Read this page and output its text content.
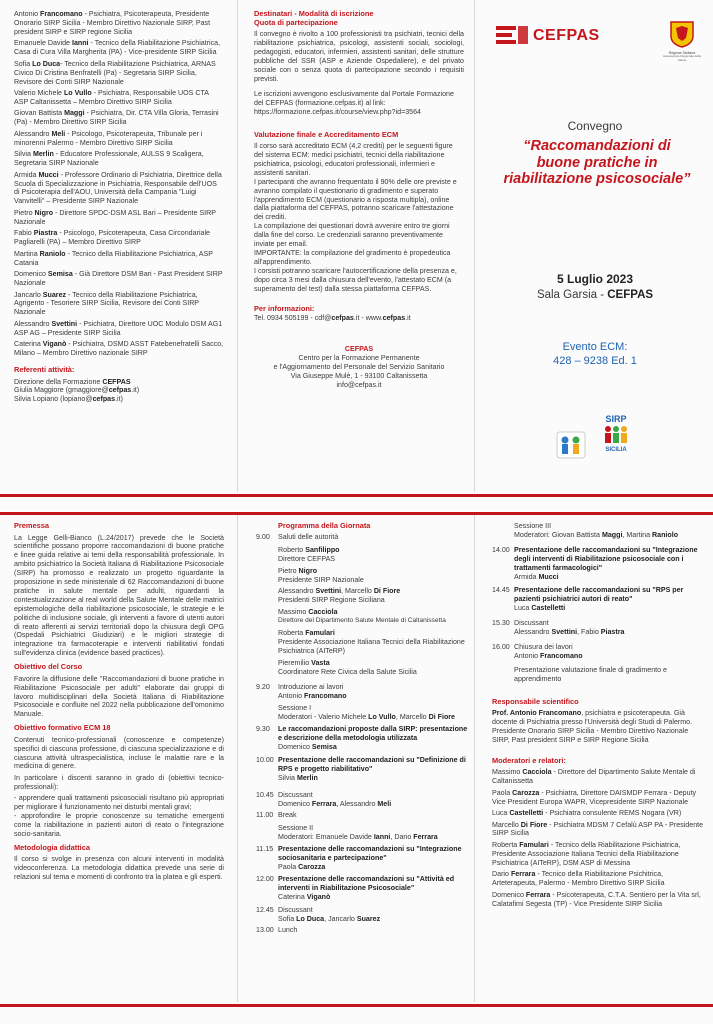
Antonio Francomano - Psichiatra, Psicoterapeuta, Presidente Onorario SIRP Sicilia - Membro Direttivo Nazionale SIRP, Past president SIRP e SIRP regione Sicilia

Emanuele Davide Ianni - Tecnico della Riabilitazione Psichiatrica, Casa di Cura Villa Margherita (PA) - Vice-presidente SIRP Sicilia

Sofia Lo Duca- Tecnico della Riabilitazione Psichiatrica, ARNAS Civico Di Cristina Benfratelli (Pa) - Segretaria SIRP Sicilia, Revisore dei Conti SIRP Nazionale

Valerio Michele Lo Vullo - Psichiatra, Responsabile UOS CTA ASP Caltanissetta – Membro Direttivo SIRP Sicilia

Giovan Battista Maggi - Psichiatra, Dir. CTA Villa Gloria, Terrasini (Pa) - Membro Direttivo SIRP Sicilia

Alessandro Meli - Psicologo, Psicoterapeuta, Tribunale per i minorenni Palermo - Membro Direttivo SIRP Sicilia

Silvia Merlin - Educatore Professionale, AULSS 9 Scaligera, Segretaria SIRP Nazionale

Armida Mucci - Professore Ordinario di Psichiatria, Direttrice della Scuola di Specializzazione in Psichiatria, Responsabile dell'UOS di Psicoterapia dell'AOU, Università della Campania "Luigi Vanvitelli" – Presidente SIRP Nazionale

Pietro Nigro - Direttore SPDC-DSM ASL Bari – Presidente SIRP Nazionale

Fabio Piastra - Psicologo, Psicoterapeuta, Casa Circondariale Pagliarelli (PA) – Membro Direttivo SIRP

Martina Raniolo - Tecnico della Riabilitazione Psichiatrica, ASP Catania

Domenico Semisa - Già Direttore DSM Bari - Past President SIRP Nazionale

Jancarlo Suarez - Tecnico della Riabilitazione Psichiatrica, Agrigento - Tesoriere SIRP Sicilia, Revisore dei Conti SIRP Nazionale

Alessandro Svettini - Psichiatra, Direttore UOC Modulo DSM AG1 ASP AG – Presidente SIRP Sicilia

Caterina Viganò - Psichiatra, DSMD ASST Fatebenefratelli Sacco, Milano – Membro Direttivo nazionale SIRP

Referenti attività:

Direzione della Formazione CEFPAS

Giulia Maggiore (gmaggiore@cefpas.it)

Silvia Lopiano (lopiano@cefpas.it)

Destinatari - Modalità di iscrizione

Quota di partecipazione

Il convegno è rivolto a 100 professionisti tra psichiatri, tecnici della riabilitazione psichiatrica, psicologi, assistenti sociali, sociologi, pedagogisti, educatori, infermieri, assistenti sanitari, delle strutture pubbliche del SSR (ASP e Aziende Ospedaliere), e del privato sociale con o senza quota di partecipazione secondo i requisiti previsti.

Le iscrizioni avvengono esclusivamente dal Portale Formazione del CEFPAS (formazione.cefpas.it) al link: https://formazione.cefpas.it/course/view.php?id=3564

Valutazione finale e Accreditamento ECM

Il corso sarà accreditato ECM (4,2 crediti) per le seguenti figure del sistema ECM: medici psichiatri, tecnici della riabilitazione psichiatrica, psicologi, educatori professionali, infermieri e assistenti sanitari.

I partecipanti che avranno frequentato il 90% delle ore previste e avranno compilato il questionario di gradimento e superato l'apprendimento ECM (questionario a risposta multipla), online dalla piattaforma del CEFPAS, potranno scaricare l'attestazione dei crediti.

La compilazione dei questionari dovrà avvenire entro tre giorni dalla fine del corso. Le credenziali saranno preventivamente inviate per email.

IMPORTANTE: la compilazione del gradimento è propedeutica all'apprendimento.

I corsisti potranno scaricare l'autocertificazione della presenza e, dopo circa 3 mesi dalla chiusura dell'evento, l'attestato ECM (a superamento del test) dalla stessa piattaforma CEFPAS.

Per informazioni:

Tel. 0934 505199 - cdf@cefpas.it - www.cefpas.it

CEFPAS
Centro per la Formazione Permanente
e l'Aggiornamento del Personale del Servizio Sanitario
Via Giuseppe Mulè, 1 - 93100 Caltanissetta
info@cefpas.it
CEFPAS
Regione Siciliana
Assessorato Regionale della Salute
Convegno
“Raccomandazioni di buone pratiche in riabilitazione psicosociale”
5 Luglio 2023
Sala Garsia - CEFPAS
Evento ECM:
428 – 9238 Ed. 1
SIRP
SICILIA

Premessa

La Legge Gelli-Bianco (L.24/2017) prevede che le Società scientifiche possano proporre raccomandazioni di buone pratiche e linee guida relative ai temi della responsabilità professionale. In ambito psichiatrico la Società Italiana di Riabilitazione Psicosociale (SIRP) ha promosso e realizzato un progetto riguardante la proposizione in sede ministeriale di 62 Raccomandazioni di buone pratiche in salute mentale per adulti, riguardanti la contestualizzazione al real world della Salute Mentale delle matrici epistemologiche della riabilitazione psicosociale, le strategie e le politiche di inclusione sociale, gli interventi a favore di utenti autori di reato afferenti ai servizi territoriali dopo la chiusura degli OPG (Ospedali Psichiatrici Giudiziari) e le migliori strategie di integrazione tra farmacoterapie e interventi riabilitativi fondati sull'evidenza clinica (evidence based practices).

Obiettivo del Corso

Favorire la diffusione delle "Raccomandazioni di buone pratiche in Riabilitazione Psicosociale per adulti" elaborate dai gruppi di lavoro multidisciplinari della Società Italiana di Riabilitazione Psicosociale e confluite nel 2022 nella pubblicazione dell'omonimo Manuale.

Obiettivo formativo ECM 18

Contenuti tecnico-professionali (conoscenze e competenze) specifici di ciascuna professione, di ciascuna specializzazione e di ciascuna attività ultraspecialistica, incluse le malattie rare e la medicina di genere.

In particolare i discenti saranno in grado di (obiettivi tecnico-professionali):

- apprendere quali trattamenti psicosociali risultano più appropriati per migliorare il funzionamento nei disturbi mentali gravi;

- approfondire le proprie conoscenze su tematiche emergenti come la riabilitazione in pazienti autori di reato o l'integrazione socio-sanitaria.

Metodologia didattica

Il corso si svolge in presenza con alcuni interventi in modalità videoconferenza. La metodologia didattica prevede una serie di relazioni sul tema e momenti di confronto tra la platea e gli esperti.

Programma della Giornata

9.00	Saluti delle autorità
Roberto Sanfilippo
Direttore CEFPAS
Pietro Nigro
Presidente SIRP Nazionale
Alessandro Svettini, Marcello Di Fiore
Presidenti SIRP Regione Siciliana
Massimo Cacciola
Direttore del Dipartimento Salute Mentale di Caltanissetta
Roberta Famulari
Presidente Associazione Italiana Tecnici della Riabilitazione Psichiatrica (AITeRP)
Pieremilio Vasta
Coordinatore Rete Civica della Salute Sicilia
9.20	Introduzione ai lavori
Antonio Francomano
Sessione I
Moderatori - Valerio Michele Lo Vullo, Marcello Di Fiore
9.30	Le raccomandazioni proposte dalla SIRP: presentazione e descrizione della metodologia utilizzata
Domenico Semisa
10.00 Presentazione delle raccomandazioni su "Definizione di RPS e progetto riabilitativo"
Silvia Merlin
10.45 Discussant
Domenico Ferrara, Alessandro Meli
11.00 Break
Sessione II
Moderatori: Emanuele Davide Ianni, Dario Ferrara
11.15 Presentazione delle raccomandazioni su "Integrazione sociosanitaria e partecipazione"
Paola Carozza
12.00 Presentazione delle raccomandazioni su "Attività ed interventi in Riabilitazione Psicosociale"
Caterina Viganò
12.45 Discussant
Sofia Lo Duca, Jancarlo Suarez
13.00 Lunch
Sessione III
Moderatori: Giovan Battista Maggi, Martina Raniolo
14.00 Presentazione delle raccomandazioni su "Integrazione degli interventi di Riabilitazione psicosociale con i trattamenti farmacologici"
Armida Mucci
14.45 Presentazione delle raccomandazioni su "RPS per pazienti psichiatrici autori di reato"
Luca Castelletti
15.30 Discussant
Alessandro Svettini, Fabio Piastra
16.00 Chiusura dei lavori
Antonio Francomano
Presentazione valutazione finale di gradimento e apprendimento

Responsabile scientifico

Prof. Antonio Francomano, psichiatra e psicoterapeuta. Già docente di Psichiatria presso l'Università degli Studi di Palermo. Presidente Onorario SIRP Sicilia - Membro Direttivo Nazionale SIRP, Past president SIRP e SIRP Regione Sicilia

Moderatori e relatori:

Massimo Cacciola - Direttore del Dipartimento Salute Mentale di Caltanissetta

Paola Carozza - Psichiatra, Direttore DAISMDP Ferrara - Deputy Vice President Europa WAPR, Vicepresidente SIRP Nazionale

Luca Castelletti - Psichiatra consulente REMS Nogara (VR)

Marcello Di Fiore - Psichiatra MDSM 7 Cefalù ASP PA - Presidente SIRP Sicilia

Roberta Famulari - Tecnico della Riabilitazione Psichiatrica, Presidente Associazione Italiana Tecnici della Riabilitazione Psichiatrica (AITeRP), DSM ASP di Messina

Dario Ferrara - Tecnico della Riabilitazione Psichitrica, Arteterapeuta, Palermo - Membro Direttivo SIRP Sicilia

Domenico Ferrara - Psicoterapeuta, C.T.A. Sentiero per la Vita srl, Calatafimi Segesta (TP) - Vice Presidente SIRP Sicilia
